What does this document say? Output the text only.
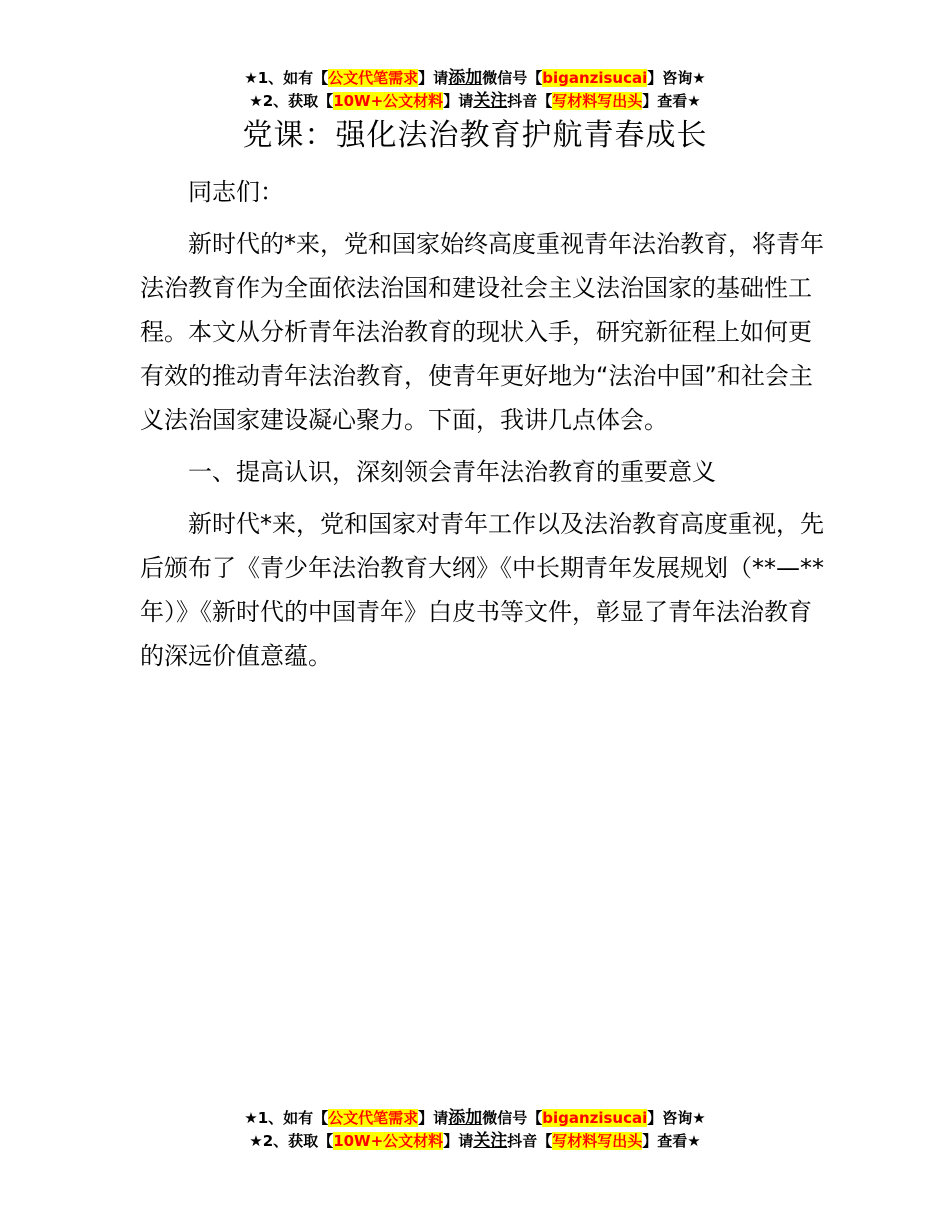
★1、如有【公文代笔需求】请添加微信号【biganzisucai】咨询★
★2、获取【10W+公文材料】请关注抖音【写材料写出头】查看★
党课：强化法治教育护航青春成长

同志们：

新时代的*来，党和国家始终高度重视青年法治教育，将青年法治教育作为全面依法治国和建设社会主义法治国家的基础性工程。本文从分析青年法治教育的现状入手，研究新征程上如何更有效的推动青年法治教育，使青年更好地为“法治中国”和社会主义法治国家建设凝心聚力。下面，我讲几点体会。

一、提高认识，深刻领会青年法治教育的重要意义

新时代*来，党和国家对青年工作以及法治教育高度重视，先后颁布了《青少年法治教育大纲》《中长期青年发展规划（**—**年）》《新时代的中国青年》白皮书等文件，彰显了青年法治教育的深远价值意蕴。

★1、如有【公文代笔需求】请添加微信号【biganzisucai】咨询★
★2、获取【10W+公文材料】请关注抖音【写材料写出头】查看★
